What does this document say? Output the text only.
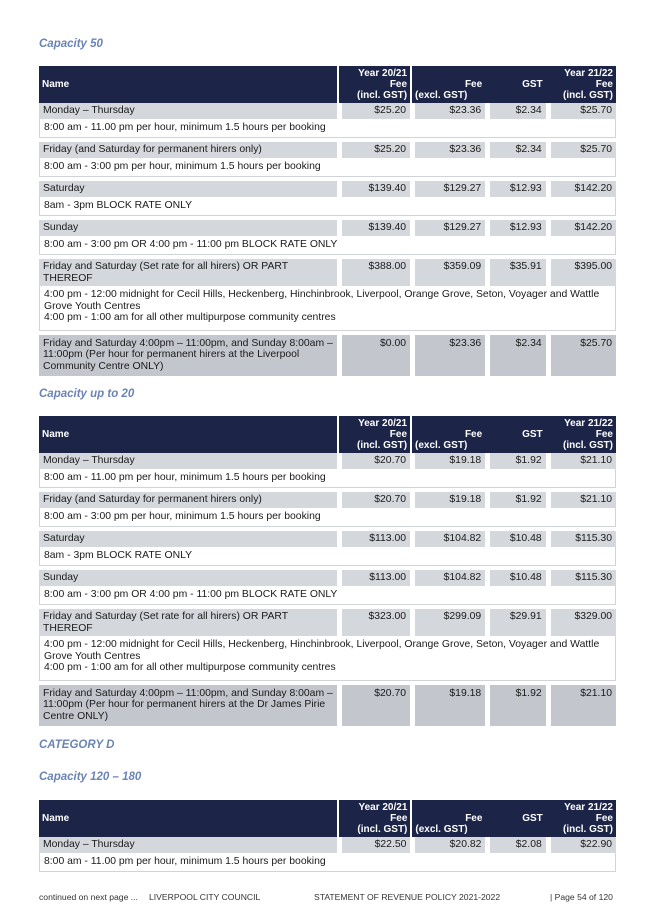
Capacity 50
Name	Year 20/21			Year 21/22
	Fee	Fee	GST	Fee
	(incl. GST)	(excl. GST)		(incl. GST)
Monday – Thursday	$25.20	$23.36	$2.34	$25.70

8:00 am - 11.00 pm per hour, minimum 1.5 hours per booking				

Friday (and Saturday for permanent hirers only)	$25.20	$23.36	$2.34	$25.70

8:00 am - 3:00 pm per hour, minimum 1.5 hours per booking				

Saturday	$139.40	$129.27	$12.93	$142.20

8am - 3pm BLOCK RATE ONLY				

Sunday	$139.40	$129.27	$12.93	$142.20

8:00 am - 3:00 pm OR 4:00 pm - 11:00 pm BLOCK RATE ONLY				

Friday and Saturday (Set rate for all hirers) OR PART THEREOF	$388.00	$359.09	$35.91	$395.00

4:00 pm - 12:00 midnight for Cecil Hills, Heckenberg, Hinchinbrook, Liverpool, Orange Grove, Seton, Voyager and Wattle Grove Youth Centres
4:00 pm - 1:00 am for all other multipurpose community centres				

Friday and Saturday 4:00pm – 11:00pm, and Sunday 8:00am – 11:00pm (Per hour for permanent hirers at the Liverpool Community Centre ONLY)	$0.00	$23.36	$2.34	$25.70
Capacity up to 20
Name	Year 20/21			Year 21/22
	Fee	Fee	GST	Fee
	(incl. GST)	(excl. GST)		(incl. GST)
Monday – Thursday	$20.70	$19.18	$1.92	$21.10

8:00 am - 11.00 pm per hour, minimum 1.5 hours per booking				

Friday (and Saturday for permanent hirers only)	$20.70	$19.18	$1.92	$21.10

8:00 am - 3:00 pm per hour, minimum 1.5 hours per booking				

Saturday	$113.00	$104.82	$10.48	$115.30

8am - 3pm BLOCK RATE ONLY				

Sunday	$113.00	$104.82	$10.48	$115.30

8:00 am - 3:00 pm OR 4:00 pm - 11:00 pm BLOCK RATE ONLY				

Friday and Saturday (Set rate for all hirers) OR PART THEREOF	$323.00	$299.09	$29.91	$329.00

4:00 pm - 12:00 midnight for Cecil Hills, Heckenberg, Hinchinbrook, Liverpool, Orange Grove, Seton, Voyager and Wattle Grove Youth Centres
4:00 pm - 1:00 am for all other multipurpose community centres				

Friday and Saturday 4:00pm – 11:00pm, and Sunday 8:00am – 11:00pm (Per hour for permanent hirers at the Dr James Pirie Centre ONLY)	$20.70	$19.18	$1.92	$21.10
CATEGORY D
Capacity 120 – 180
Name	Year 20/21			Year 21/22
	Fee	Fee	GST	Fee
	(incl. GST)	(excl. GST)		(incl. GST)
Monday – Thursday	$22.50	$20.82	$2.08	$22.90

8:00 am - 11.00 pm per hour, minimum 1.5 hours per booking				
continued on next page ... LIVERPOOL CITY COUNCIL	STATEMENT OF REVENUE POLICY 2021-2022	| Page 54 of 120
